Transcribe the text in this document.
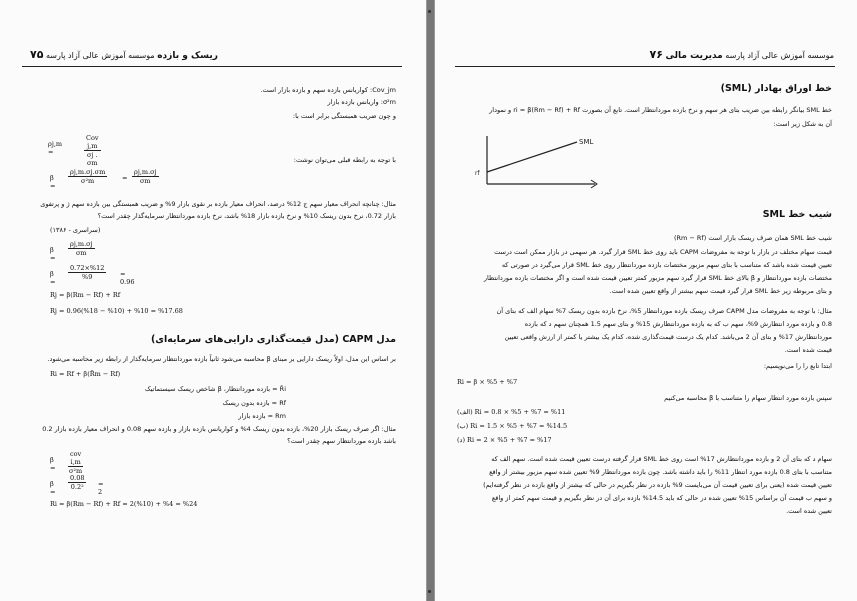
۷۵	ریسک و بازده موسسه آموزش عالی آزاد پارسه
Cov_jm: کواریانس بازده سهم و بازده بازار است.
σ²m: واریانس بازده بازار
و چون ضریب همبستگی برابر است با:
ρj,m =
Cov j,m
σj . σm	با توجه به رابطه قبلی می‌توان نوشت:
β =
$\frac{\rho j,m.\sigma j.\sigma m}{\text{σ²m}} = \frac{\rho j,m.\sigma j}{\sigma m}$
مثال: چنانچه انحراف معیار سهم ج 12% درصد، انحراف معیار بازده بر نقوی بازار 9% و ضریب همبستگی بین بازده سهم ژ و پرتفوی
بازار 0.72، نرخ بدون ریسک 10% و نرخ بازده بازار 18% باشد، نرخ بازده مورد‌انتظار سرمایه‌گذار چقدر است؟
(سراسری - ۱۳۸۶)
β =
$\frac{\rho j,m.\sigma j}{\sigma m}$
β =
$\frac{0.72\times\%12}{\%9} = 0.96$
Rj = β(Rm − Rf) + Rf
Rj = 0.96(%18 − %10) + %10 = %17.68
مدل CAPM (مدل قیمت‌گذاری دارایی‌های سرمایه‌ای)
بر اساس این مدل، اولاً ریسک دارایی بر مبنای β محاسبه می‌شود ثانیاً بازده مورد‌انتظار سرمایه‌گذار از رابطه زیر محاسبه می‌شود.
Ri = Rf + β(R̄m − Rf)
R̄i = بازده مورد‌انتظار، β شاخص ریسک سیستماتیک
Rf = بازده بدون ریسک
Rm = بازده بازار
مثال: اگر صرف ریسک بازار 20%، بازده بدون ریسک 4% و کواریانس بازده بازار و بازده سهم 0.08 و انحراف معیار بازده بازار 0.2
باشد بازده مورد‌انتظار سهم چقدر است؟
β =
cov i,m
σ²m
β =
$\frac{0.08}{\text{0.2²}} = 2$
Ri = β(Rm − Rf) + Rf = 2(%10) + %4 = %24
موسسه آموزش عالی آزاد پارسه مدیریت مالی ۷۶
خط اوراق بهادار (SML)
خط SML بیانگر رابطه بین ضریب بتای هر سهم و نرخ بازده مورد‌انتظار است. تابع آن بصورت ri = β(Rm − Rf) + Rf و نمودار
آن به شکل زیر است:
SML
rf
شیب خط SML
شیب خط SML همان صرف ریسک بازار است (Rm − Rf)
قیمت سهام مختلف در بازار با توجه به مفروضات CAPM باید روی خط SML قرار گیرد. هر سهمی در بازار ممکن است درست
تعیین قیمت شده باشد که متناسب با بتای سهم مزبور مختصات بازده مورد‌انتظار روی خط SML قرار می‌گیرد در صورتی که
مختصات بازده مورد‌انتظار و β بالای خط SML قرار گیرد سهم مزبور کمتر تعیین قیمت شده است و اگر مختصات بازده مورد‌انتظار
و بتای مربوطه زیر خط SML قرار گیرد قیمت سهم بیشتر از واقع تعیین شده است.
مثال: با توجه به مفروضات مدل CAPM صرف ریسک بازده مورد‌انتظار 5%، نرخ بازده بدون ریسک 7% سهام الف که بتای آن
0.8 و بازده مورد انتظارش 9%، سهم ب که به بازده مورد‌انتظارش 15% و بتای سهم 1.5 همچنان سهم د که بازده
مورد‌انتظارش 17% و بتای آن 2 می‌باشد. کدام یک درست قیمت‌گذاری شده، کدام یک بیشتر یا کمتر از ارزش واقعی تعیین
قیمت شده است.
ابتدا تابع را را می‌نویسیم:
Ri = β × %5 + %7
سپس بازده مورد انتظار سهام را متناسب با β محاسبه می‌کنیم
(الف) Ri = 0.8 × %5 + %7 = %11
(ب) Ri = 1.5 × %5 + %7 = %14.5
(د) Ri = 2 × %5 + %7 = %17
سهام د که بتای آن 2 و بازده مورد‌انتظارش 17% است روی خط SML قرار گرفته درست تعیین قیمت شده است. سهم الف که
متناسب با بتای 0.8 بازده مورد انتظار 11% را باید داشته باشد. چون بازده مورد‌انتظار 9% تعیین شده سهم مزبور بیشتر از واقع
تعیین قیمت شده (یعنی برای تعیین قیمت آن می‌بایست 9% بازده در نظر بگیریم در حالی که بیشتر از واقع بازده در نظر گرفته‌ایم)
و سهم ب قیمت آن براساس 15% تعیین شده در حالی که باید 14.5% بازده برای آن در نظر بگیریم و قیمت سهم کمتر از واقع
تعیین شده است.
